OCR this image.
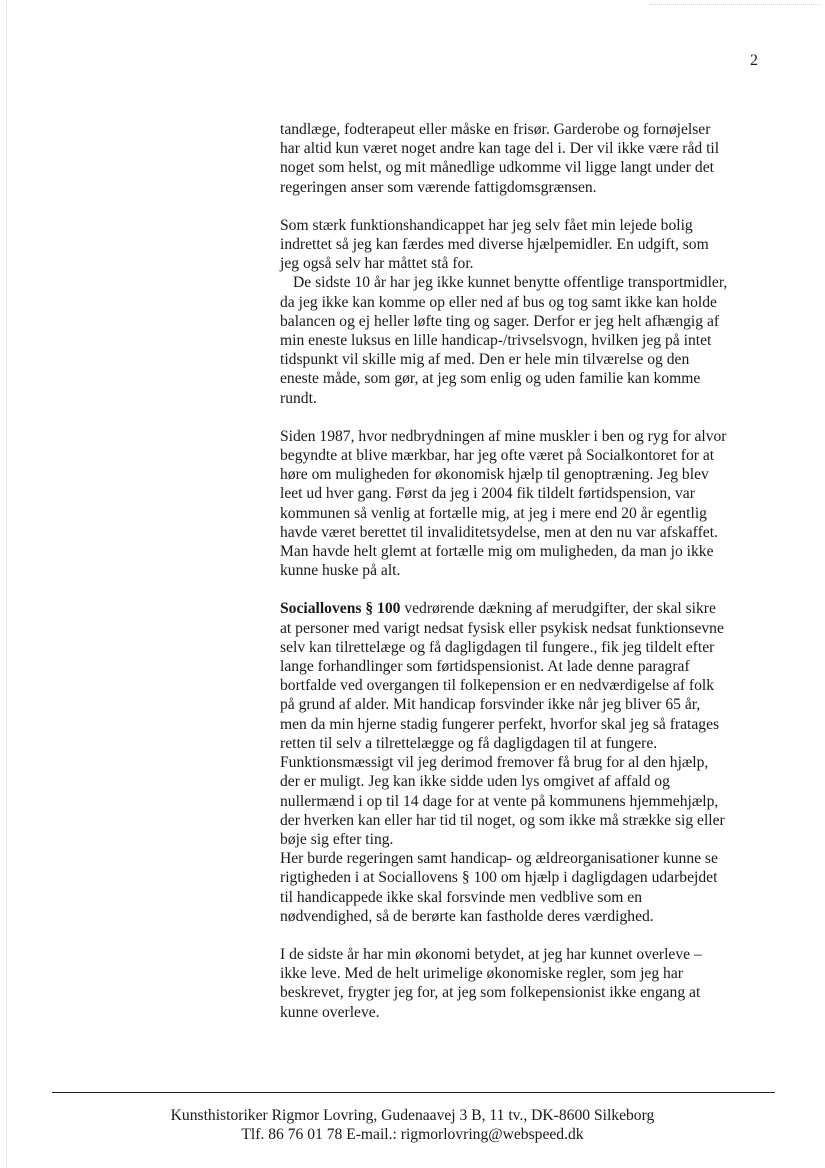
2

tandlæge, fodterapeut eller måske en frisør. Garderobe og fornøjelser
har altid kun været noget andre kan tage del i. Der vil ikke være råd til
noget som helst, og mit månedlige udkomme vil ligge langt under det
regeringen anser som værende fattigdomsgrænsen.

Som stærk funktionshandicappet har jeg selv fået min lejede bolig
indrettet så jeg kan færdes med diverse hjælpemidler. En udgift, som
jeg også selv har måttet stå for.

De sidste 10 år har jeg ikke kunnet benytte offentlige transportmidler,
da jeg ikke kan komme op eller ned af bus og tog samt ikke kan holde
balancen og ej heller løfte ting og sager. Derfor er jeg helt afhængig af
min eneste luksus en lille handicap-/trivselsvogn, hvilken jeg på intet
tidspunkt vil skille mig af med. Den er hele min tilværelse og den
eneste måde, som gør, at jeg som enlig og uden familie kan komme
rundt.

Siden 1987, hvor nedbrydningen af mine muskler i ben og ryg for alvor
begyndte at blive mærkbar, har jeg ofte været på Socialkontoret for at
høre om muligheden for økonomisk hjælp til genoptræning. Jeg blev
leet ud hver gang. Først da jeg i 2004 fik tildelt førtidspension, var
kommunen så venlig at fortælle mig, at jeg i mere end 20 år egentlig
havde været berettet til invaliditetsydelse, men at den nu var afskaffet.
Man havde helt glemt at fortælle mig om muligheden, da man jo ikke
kunne huske på alt.

Sociallovens § 100 vedrørende dækning af merudgifter, der skal sikre
at personer med varigt nedsat fysisk eller psykisk nedsat funktionsevne
selv kan tilrettelæge og få dagligdagen til fungere., fik jeg tildelt efter
lange forhandlinger som førtidspensionist. At lade denne paragraf
bortfalde ved overgangen til folkepension er en nedværdigelse af folk
på grund af alder. Mit handicap forsvinder ikke når jeg bliver 65 år,
men da min hjerne stadig fungerer perfekt, hvorfor skal jeg så fratages
retten til selv a tilrettelægge og få dagligdagen til at fungere.
Funktionsmæssigt vil jeg derimod fremover få brug for al den hjælp,
der er muligt. Jeg kan ikke sidde uden lys omgivet af affald og
nullermænd i op til 14 dage for at vente på kommunens hjemmehjælp,
der hverken kan eller har tid til noget, og som ikke må strække sig eller
bøje sig efter ting.

Her burde regeringen samt handicap- og ældreorganisationer kunne se
rigtigheden i at Sociallovens § 100 om hjælp i dagligdagen udarbejdet
til handicappede ikke skal forsvinde men vedblive som en
nødvendighed, så de berørte kan fastholde deres værdighed.

I de sidste år har min økonomi betydet, at jeg har kunnet overleve –
ikke leve. Med de helt urimelige økonomiske regler, som jeg har
beskrevet, frygter jeg for, at jeg som folkepensionist ikke engang at
kunne overleve.

Kunsthistoriker Rigmor Lovring, Gudenaavej 3 B, 11 tv., DK-8600 Silkeborg
Tlf. 86 76 01 78 E-mail.: rigmorlovring@webspeed.dk
